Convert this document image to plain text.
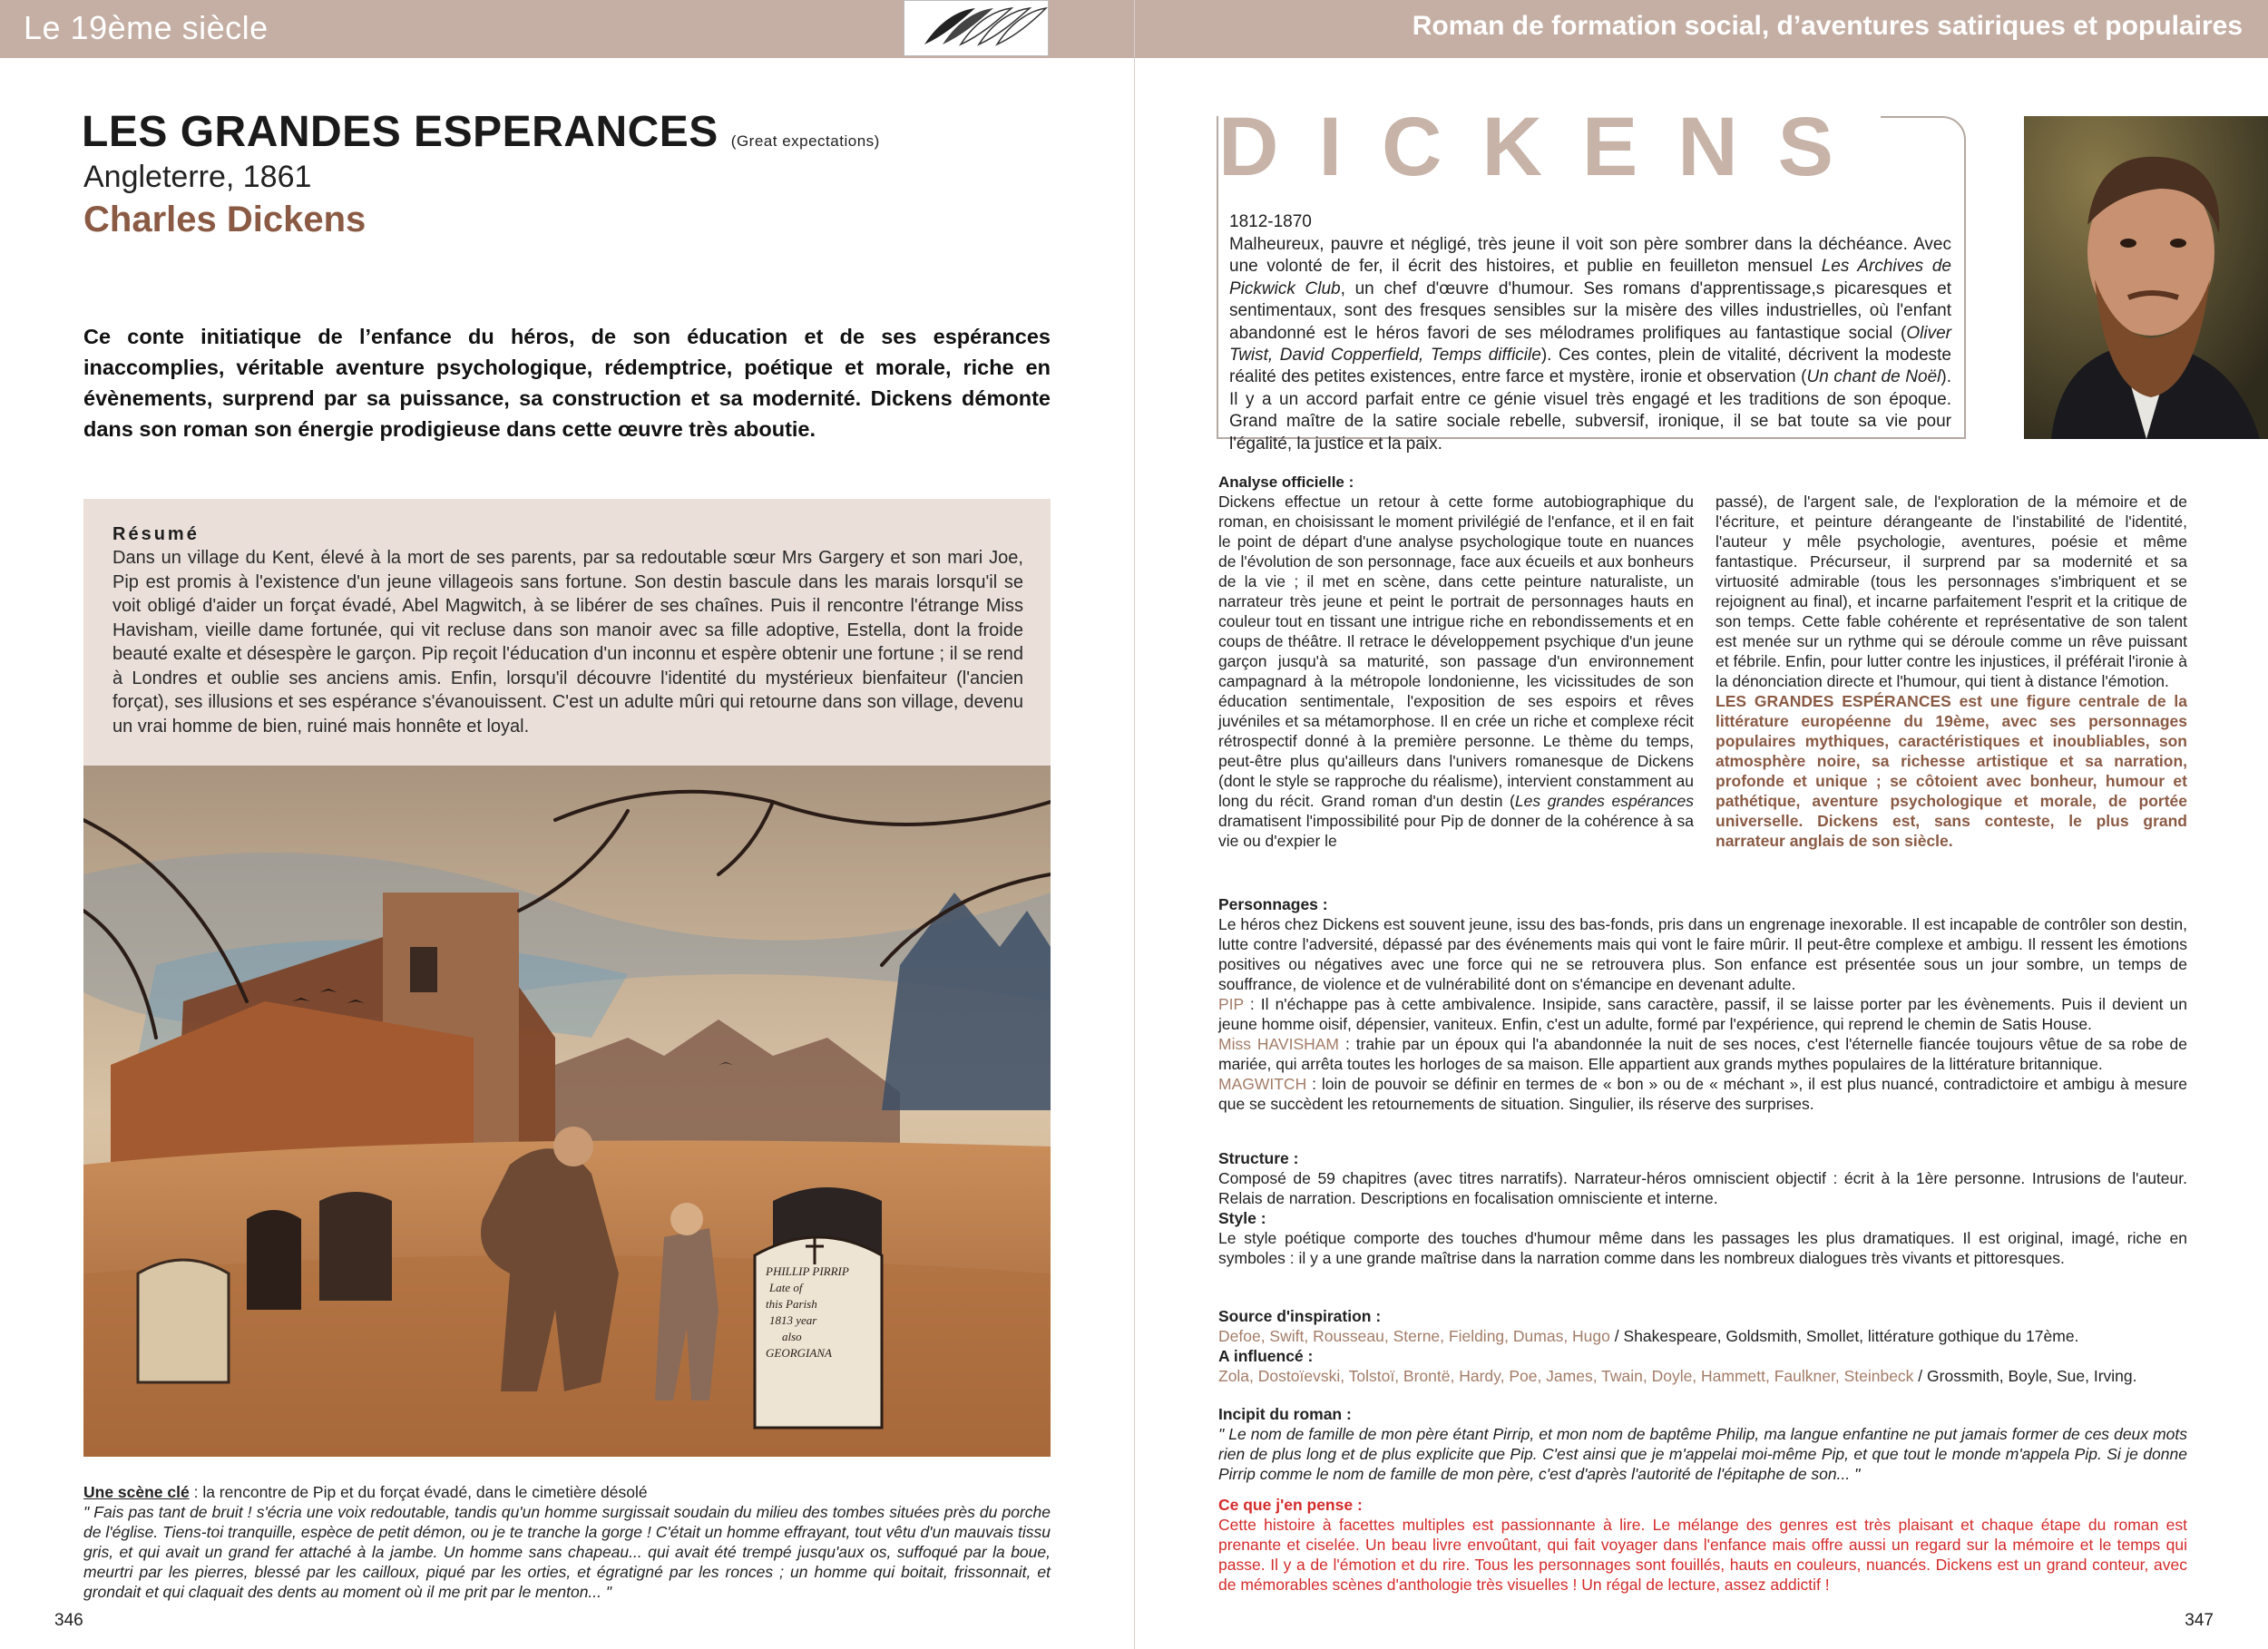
Le 19ème siècle
LES GRANDES ESPERANCES (Great expectations)
Angleterre, 1861
Charles Dickens
Ce conte initiatique de l’enfance du héros, de son éducation et de ses espérances inaccomplies, véritable aventure psychologique, rédemptrice, poétique et morale, riche en évènements, surprend par sa puissance, sa construction et sa modernité. Dickens démonte dans son roman son énergie prodigieuse dans cette œuvre très aboutie.
Résumé
Dans un village du Kent, élevé à la mort de ses parents, par sa redoutable sœur Mrs Gargery et son mari Joe, Pip est promis à l'existence d'un jeune villageois sans fortune. Son destin bascule dans les marais lorsqu'il se voit obligé d'aider un forçat évadé, Abel Magwitch, à se libérer de ses chaînes. Puis il rencontre l'étrange Miss Havisham, vieille dame fortunée, qui vit recluse dans son manoir avec sa fille adoptive, Estella, dont la froide beauté exalte et désespère le garçon. Pip reçoit l'éducation d'un inconnu et espère obtenir une fortune ; il se rend à Londres et oublie ses anciens amis. Enfin, lorsqu'il découvre l'identité du mystérieux bienfaiteur (l'ancien forçat), ses illusions et ses espérance s'évanouissent. C'est un adulte mûri qui retourne dans son village, devenu un vrai homme de bien, ruiné mais honnête et loyal.
PHILLIP PIRRIP
Late of
this Parish
1813 year
also
GEORGIANA
Une scène clé : la rencontre de Pip et du forçat évadé, dans le cimetière désolé
" Fais pas tant de bruit ! s'écria une voix redoutable, tandis qu'un homme surgissait soudain du milieu des tombes situées près du porche de l'église. Tiens-toi tranquille, espèce de petit démon, ou je te tranche la gorge ! C'était un homme effrayant, tout vêtu d'un mauvais tissu gris, et qui avait un grand fer attaché à la jambe. Un homme sans chapeau... qui avait été trempé jusqu'aux os, suffoqué par la boue, meurtri par les pierres, blessé par les cailloux, piqué par les orties, et égratigné par les ronces ; un homme qui boitait, frissonnait, et grondait et qui claquait des dents au moment où il me prit par le menton... "
346
Roman de formation social, d’aventures satiriques et populaires
DICKENS
1812-1870
Malheureux, pauvre et négligé, très jeune il voit son père sombrer dans la déchéance. Avec une volonté de fer, il écrit des histoires, et publie en feuilleton mensuel Les Archives de Pickwick Club, un chef d'œuvre d'humour. Ses romans d'apprentissage,s picaresques et sentimentaux, sont des fresques sensibles sur la misère des villes industrielles, où l'enfant abandonné est le héros favori de ses mélodrames prolifiques au fantastique social (Oliver Twist, David Copperfield, Temps difficile). Ces contes, plein de vitalité, décrivent la modeste réalité des petites existences, entre farce et mystère, ironie et observation (Un chant de Noël). Il y a un accord parfait entre ce génie visuel très engagé et les traditions de son époque. Grand maître de la satire sociale rebelle, subversif, ironique, il se bat toute sa vie pour l'égalité, la justice et la paix.
Analyse officielle :
Dickens effectue un retour à cette forme autobiographique du roman, en choisissant le moment privilégié de l'enfance, et il en fait le point de départ d'une analyse psychologique toute en nuances de l'évolution de son personnage, face aux écueils et aux bonheurs de la vie ; il met en scène, dans cette peinture naturaliste, un narrateur très jeune et peint le portrait de personnages hauts en couleur tout en tissant une intrigue riche en rebondissements et en coups de théâtre. Il retrace le développement psychique d'un jeune garçon jusqu'à sa maturité, son passage d'un environnement campagnard à la métropole londonienne, les vicissitudes de son éducation sentimentale, l'exposition de ses espoirs et rêves juvéniles et sa métamorphose. Il en crée un riche et complexe récit rétrospectif donné à la première personne. Le thème du temps, peut-être plus qu'ailleurs dans l'univers romanesque de Dickens (dont le style se rapproche du réalisme), intervient constamment au long du récit. Grand roman d'un destin (Les grandes espérances dramatisent l'impossibilité pour Pip de donner de la cohérence à sa vie ou d'expier le
passé), de l'argent sale, de l'exploration de la mémoire et de l'écriture, et peinture dérangeante de l'instabilité de l'identité, l'auteur y mêle psychologie, aventures, poésie et même fantastique. Précurseur, il surprend par sa modernité et sa virtuosité admirable (tous les personnages s'imbriquent et se rejoignent au final), et incarne parfaitement l'esprit et la critique de son temps. Cette fable cohérente et représentative de son talent est menée sur un rythme qui se déroule comme un rêve puissant et fébrile. Enfin, pour lutter contre les injustices, il préférait l'ironie à la dénonciation directe et l'humour, qui tient à distance l'émotion.
LES GRANDES ESPÉRANCES est une figure centrale de la littérature européenne du 19ème, avec ses personnages populaires mythiques, caractéristiques et inoubliables, son atmosphère noire, sa richesse artistique et sa narration, profonde et unique ; se côtoient avec bonheur, humour et pathétique, aventure psychologique et morale, de portée universelle. Dickens est, sans conteste, le plus grand narrateur anglais de son siècle.
Personnages :
Le héros chez Dickens est souvent jeune, issu des bas-fonds, pris dans un engrenage inexorable. Il est incapable de contrôler son destin, lutte contre l'adversité, dépassé par des événements mais qui vont le faire mûrir. Il peut-être complexe et ambigu. Il ressent les émotions positives ou négatives avec une force qui ne se retrouvera plus. Son enfance est présentée sous un jour sombre, un temps de souffrance, de violence et de vulnérabilité dont on s'émancipe en devenant adulte.
PIP : Il n'échappe pas à cette ambivalence. Insipide, sans caractère, passif, il se laisse porter par les évènements. Puis il devient un jeune homme oisif, dépensier, vaniteux. Enfin, c'est un adulte, formé par l'expérience, qui reprend le chemin de Satis House.
Miss HAVISHAM : trahie par un époux qui l'a abandonnée la nuit de ses noces, c'est l'éternelle fiancée toujours vêtue de sa robe de mariée, qui arrêta toutes les horloges de sa maison. Elle appartient aux grands mythes populaires de la littérature britannique.
MAGWITCH : loin de pouvoir se définir en termes de « bon » ou de « méchant », il est plus nuancé, contradictoire et ambigu à mesure que se succèdent les retournements de situation. Singulier, ils réserve des surprises.
Structure :
Composé de 59 chapitres (avec titres narratifs). Narrateur-héros omniscient objectif : écrit à la 1ère personne. Intrusions de l'auteur. Relais de narration. Descriptions en focalisation omnisciente et interne.
Style :
Le style poétique comporte des touches d'humour même dans les passages les plus dramatiques. Il est original, imagé, riche en symboles : il y a une grande maîtrise dans la narration comme dans les nombreux dialogues très vivants et pittoresques.
Source d'inspiration :
Defoe, Swift, Rousseau, Sterne, Fielding, Dumas, Hugo / Shakespeare, Goldsmith, Smollet, littérature gothique du 17ème.
A influencé :
Zola, Dostoïevski, Tolstoï, Brontë, Hardy, Poe, James, Twain, Doyle, Hammett, Faulkner, Steinbeck / Grossmith, Boyle, Sue, Irving.
Incipit du roman :
" Le nom de famille de mon père étant Pirrip, et mon nom de baptême Philip, ma langue enfantine ne put jamais former de ces deux mots rien de plus long et de plus explicite que Pip. C'est ainsi que je m'appelai moi-même Pip, et que tout le monde m'appela Pip. Si je donne Pirrip comme le nom de famille de mon père, c'est d'après l'autorité de l'épitaphe de son... "
Ce que j'en pense :
Cette histoire à facettes multiples est passionnante à lire. Le mélange des genres est très plaisant et chaque étape du roman est prenante et ciselée. Un beau livre envoûtant, qui fait voyager dans l'enfance mais offre aussi un regard sur la mémoire et le temps qui passe. Il y a de l'émotion et du rire. Tous les personnages sont fouillés, hauts en couleurs, nuancés. Dickens est un grand conteur, avec de mémorables scènes d'anthologie très visuelles ! Un régal de lecture, assez addictif !
347
